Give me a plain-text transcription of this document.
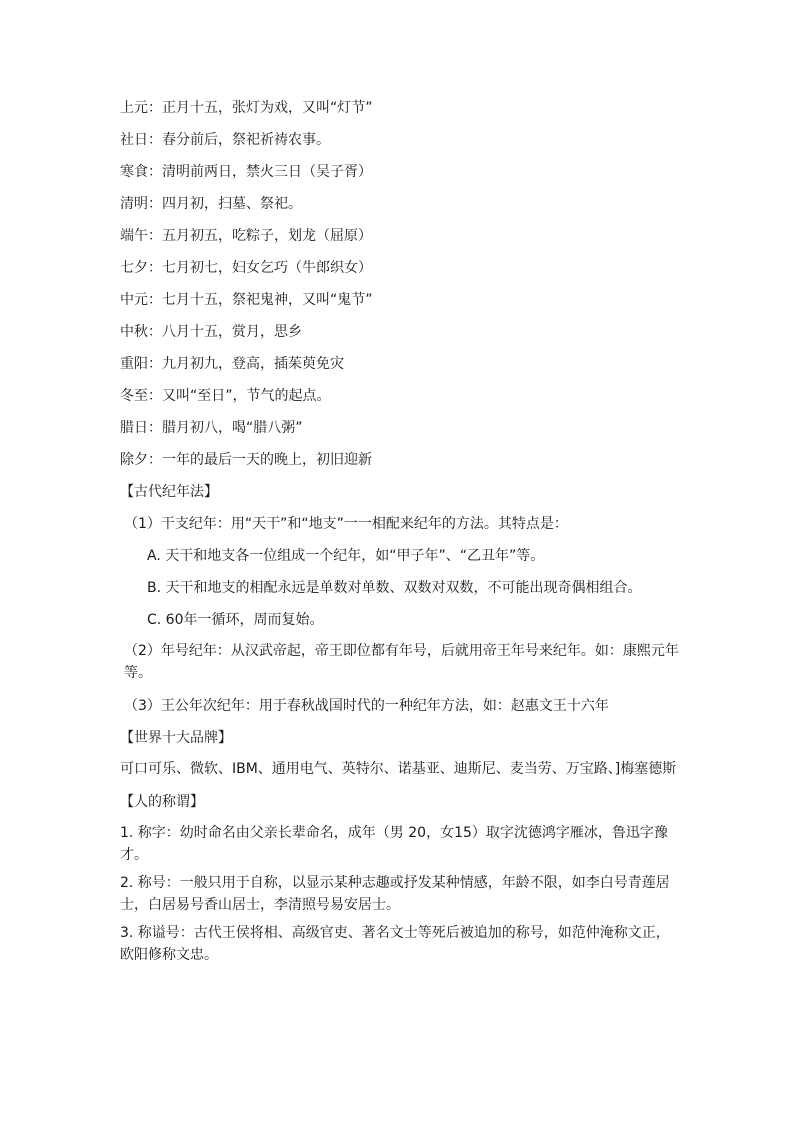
上元：正月十五，张灯为戏，又叫“灯节”
社日：春分前后，祭祀祈祷农事。
寒食：清明前两日，禁火三日（吴子胥）
清明：四月初，扫墓、祭祀。
端午：五月初五，吃粽子，划龙（屈原）
七夕：七月初七，妇女乞巧（牛郎织女）
中元：七月十五，祭祀鬼神，又叫“鬼节”
中秋：八月十五，赏月，思乡
重阳：九月初九，登高，插茱萸免灾
冬至：又叫“至日”，节气的起点。
腊日：腊月初八，喝“腊八粥”
除夕：一年的最后一天的晚上，初旧迎新
【古代纪年法】
（1）干支纪年：用“天干”和“地支”一一相配来纪年的方法。其特点是：
A. 天干和地支各一位组成一个纪年，如“甲子年”、“乙丑年”等。
B. 天干和地支的相配永远是单数对单数、双数对双数，不可能出现奇偶相组合。
C. 60年一循环，周而复始。
（2）年号纪年：从汉武帝起，帝王即位都有年号，后就用帝王年号来纪年。如：康熙元年等。
（3）王公年次纪年：用于春秋战国时代的一种纪年方法，如：赵惠文王十六年
【世界十大品牌】
可口可乐、微软、IBM、通用电气、英特尔、诺基亚、迪斯尼、麦当劳、万宝路、]梅塞德斯
【人的称谓】
1. 称字：幼时命名由父亲长辈命名，成年（男 20，女15）取字沈德鸿字雁冰，鲁迅字豫才。
2. 称号：一般只用于自称，以显示某种志趣或抒发某种情感，年龄不限，如李白号青莲居士，白居易号香山居士，李清照号易安居士。
3. 称谥号：古代王侯将相、高级官吏、著名文士等死后被追加的称号，如范仲淹称文正，欧阳修称文忠。
